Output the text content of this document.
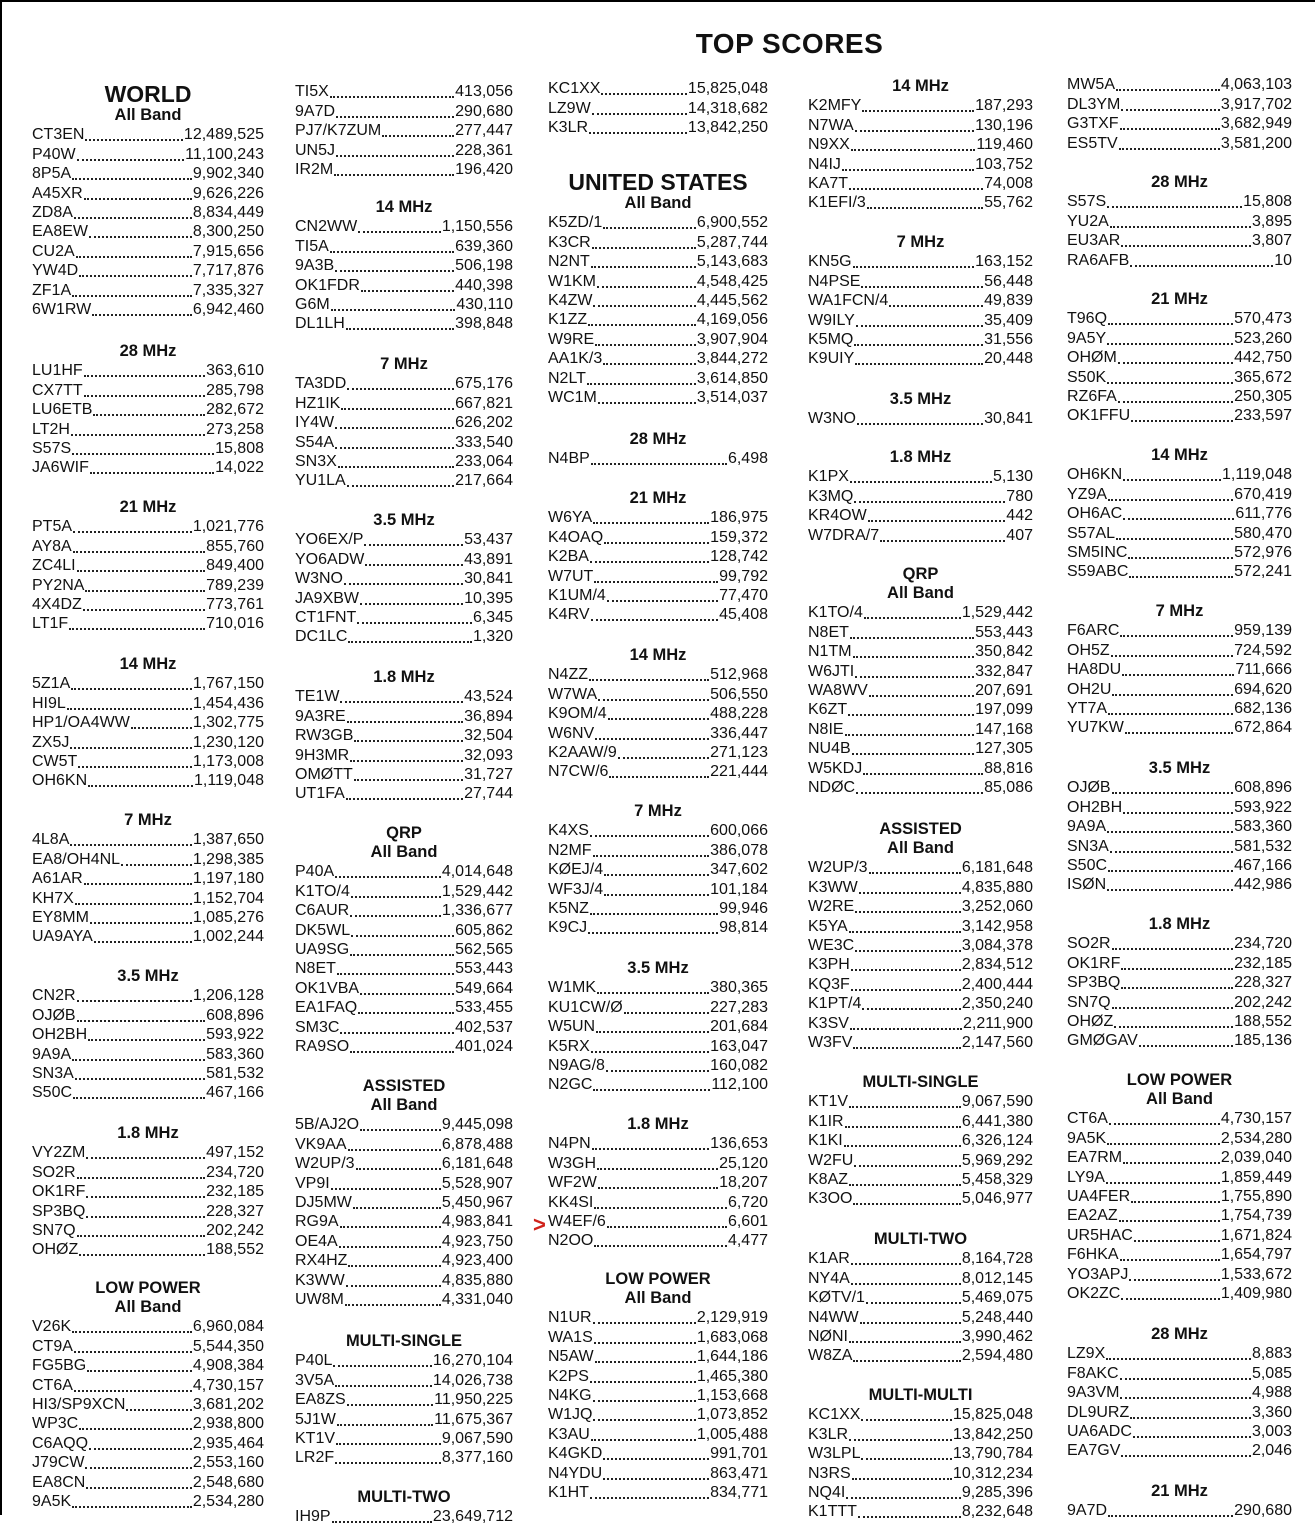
TOP SCORES
WORLD
All Band
CT3EN	12,489,525
P40W	11,100,243
8P5A	9,902,340
A45XR	9,626,226
ZD8A	8,834,449
EA8EW	8,300,250
CU2A	7,915,656
YW4D	7,717,876
ZF1A	7,335,327
6W1RW	6,942,460
28 MHz
LU1HF	363,610
CX7TT	285,798
LU6ETB	282,672
LT2H	273,258
S57S	15,808
JA6WIF	14,022
21 MHz
PT5A	1,021,776
AY8A	855,760
ZC4LI	849,400
PY2NA	789,239
4X4DZ	773,761
LT1F	710,016
14 MHz
5Z1A	1,767,150
HI9L	1,454,436
HP1/OA4WW	1,302,775
ZX5J	1,230,120
CW5T	1,173,008
OH6KN	1,119,048
7 MHz
4L8A	1,387,650
EA8/OH4NL	1,298,385
A61AR	1,197,180
KH7X	1,152,704
EY8MM	1,085,276
UA9AYA	1,002,244
3.5 MHz
CN2R	1,206,128
OJØB	608,896
OH2BH	593,922
9A9A	583,360
SN3A	581,532
S50C	467,166
1.8 MHz
VY2ZM	497,152
SO2R	234,720
OK1RF	232,185
SP3BQ	228,327
SN7Q	202,242
OHØZ	188,552
LOW POWER
All Band
V26K	6,960,084
CT9A	5,544,350
FG5BG	4,908,384
CT6A	4,730,157
HI3/SP9XCN	3,681,202
WP3C	2,938,800
C6AQQ	2,935,464
J79CW	2,553,160
EA8CN	2,548,680
9A5K	2,534,280
TI5X	413,056
9A7D	290,680
PJ7/K7ZUM	277,447
UN5J	228,361
IR2M	196,420
14 MHz
CN2WW	1,150,556
TI5A	639,360
9A3B	506,198
OK1FDR	440,398
G6M	430,110
DL1LH	398,848
7 MHz
TA3DD	675,176
HZ1IK	667,821
IY4W	626,202
S54A	333,540
SN3X	233,064
YU1LA	217,664
3.5 MHz
YO6EX/P	53,437
YO6ADW	43,891
W3NO	30,841
JA9XBW	10,395
CT1FNT	6,345
DC1LC	1,320
1.8 MHz
TE1W	43,524
9A3RE	36,894
RW3GB	32,504
9H3MR	32,093
OMØTT	31,727
UT1FA	27,744
QRP
All Band
P40A	4,014,648
K1TO/4	1,529,442
C6AUR	1,336,677
DK5WL	605,862
UA9SG	562,565
N8ET	553,443
OK1VBA	549,664
EA1FAQ	533,455
SM3C	402,537
RA9SO	401,024
ASSISTED
All Band
5B/AJ2O	9,445,098
VK9AA	6,878,488
W2UP/3	6,181,648
VP9I	5,528,907
DJ5MW	5,450,967
RG9A	4,983,841
OE4A	4,923,750
RX4HZ	4,923,400
K3WW	4,835,880
UW8M	4,331,040
MULTI-SINGLE
P40L	16,270,104
3V5A	14,026,738
EA8ZS	11,950,225
5J1W	11,675,367
KT1V	9,067,590
LR2F	8,377,160
MULTI-TWO
IH9P	23,649,712
KC1XX	15,825,048
LZ9W	14,318,682
K3LR	13,842,250
UNITED STATES
All Band
K5ZD/1	6,900,552
K3CR	5,287,744
N2NT	5,143,683
W1KM	4,548,425
K4ZW	4,445,562
K1ZZ	4,169,056
W9RE	3,907,904
AA1K/3	3,844,272
N2LT	3,614,850
WC1M	3,514,037
28 MHz
N4BP	6,498
21 MHz
W6YA	186,975
K4OAQ	159,372
K2BA	128,742
W7UT	99,792
K1UM/4	77,470
K4RV	45,408
14 MHz
N4ZZ	512,968
W7WA	506,550
K9OM/4	488,228
W6NV	336,447
K2AAW/9	271,123
N7CW/6	221,444
7 MHz
K4XS	600,066
N2MF	386,078
KØEJ/4	347,602
WF3J/4	101,184
K5NZ	99,946
K9CJ	98,814
3.5 MHz
W1MK	380,365
KU1CW/Ø	227,283
W5UN	201,684
K5RX	163,047
N9AG/8	160,082
N2GC	112,100
1.8 MHz
N4PN	136,653
W3GH	25,120
WF2W	18,207
KK4SI	6,720
W4EF/6	6,601
N2OO	4,477
LOW POWER
All Band
N1UR	2,129,919
WA1S	1,683,068
N5AW	1,644,186
K2PS	1,465,380
N4KG	1,153,668
W1JQ	1,073,852
K3AU	1,005,488
K4GKD	991,701
N4YDU	863,471
K1HT	834,771
14 MHz
K2MFY	187,293
N7WA	130,196
N9XX	119,460
N4IJ	103,752
KA7T	74,008
K1EFI/3	55,762
7 MHz
KN5G	163,152
N4PSE	56,448
WA1FCN/4	49,839
W9ILY	35,409
K5MQ	31,556
K9UIY	20,448
3.5 MHz
W3NO	30,841
1.8 MHz
K1PX	5,130
K3MQ	780
KR4OW	442
W7DRA/7	407
QRP
All Band
K1TO/4	1,529,442
N8ET	553,443
N1TM	350,842
W6JTI	332,847
WA8WV	207,691
K6ZT	197,099
N8IE	147,168
NU4B	127,305
W5KDJ	88,816
NDØC	85,086
ASSISTED
All Band
W2UP/3	6,181,648
K3WW	4,835,880
W2RE	3,252,060
K5YA	3,142,958
WE3C	3,084,378
K3PH	2,834,512
KQ3F	2,400,444
K1PT/4	2,350,240
K3SV	2,211,900
W3FV	2,147,560
MULTI-SINGLE
KT1V	9,067,590
K1IR	6,441,380
K1KI	6,326,124
W2FU	5,969,292
K8AZ	5,458,329
K3OO	5,046,977
MULTI-TWO
K1AR	8,164,728
NY4A	8,012,145
KØTV/1	5,469,075
N4WW	5,248,440
NØNI	3,990,462
W8ZA	2,594,480
MULTI-MULTI
KC1XX	15,825,048
K3LR	13,842,250
W3LPL	13,790,784
N3RS	10,312,234
NQ4I	9,285,396
K1TTT	8,232,648
MW5A	4,063,103
DL3YM	3,917,702
G3TXF	3,682,949
ES5TV	3,581,200
28 MHz
S57S	15,808
YU2A	3,895
EU3AR	3,807
RA6AFB	10
21 MHz
T96Q	570,473
9A5Y	523,260
OHØM	442,750
S50K	365,672
RZ6FA	250,305
OK1FFU	233,597
14 MHz
OH6KN	1,119,048
YZ9A	670,419
OH6AC	611,776
S57AL	580,470
SM5INC	572,976
S59ABC	572,241
7 MHz
F6ARC	959,139
OH5Z	724,592
HA8DU	711,666
OH2U	694,620
YT7A	682,136
YU7KW	672,864
3.5 MHz
OJØB	608,896
OH2BH	593,922
9A9A	583,360
SN3A	581,532
S50C	467,166
ISØN	442,986
1.8 MHz
SO2R	234,720
OK1RF	232,185
SP3BQ	228,327
SN7Q	202,242
OHØZ	188,552
GMØGAV	185,136
LOW POWER
All Band
CT6A	4,730,157
9A5K	2,534,280
EA7RM	2,039,040
LY9A	1,859,449
UA4FER	1,755,890
EA2AZ	1,754,739
UR5HAC	1,671,824
F6HKA	1,654,797
YO3APJ	1,533,672
OK2ZC	1,409,980
28 MHz
LZ9X	8,883
F8AKC	5,085
9A3VM	4,988
DL9URZ	3,360
UA6ADC	3,003
EA7GV	2,046
21 MHz
9A7D	290,680
>
